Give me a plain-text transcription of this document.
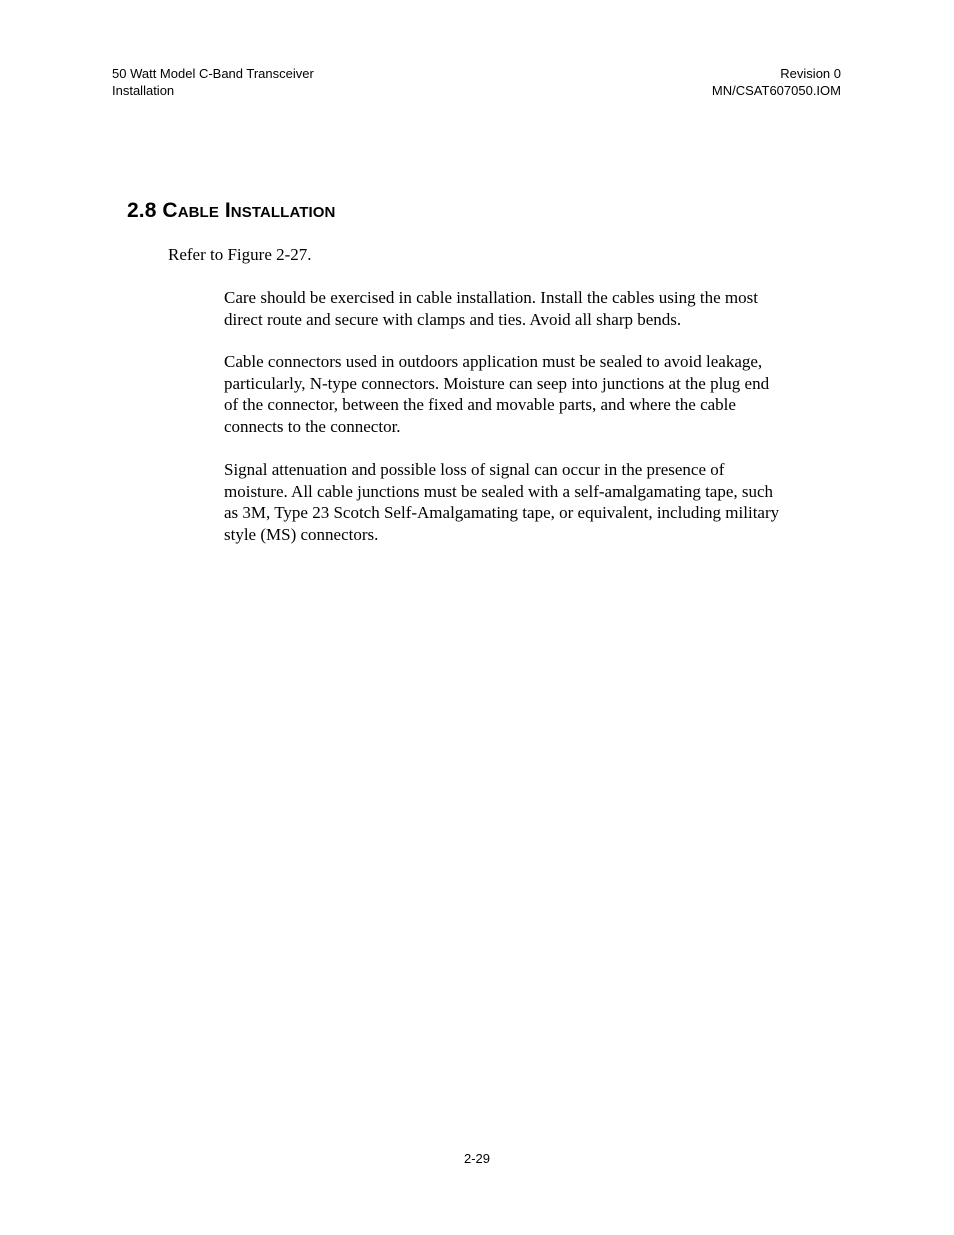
50 Watt Model C-Band Transceiver
Installation
Revision 0
MN/CSAT607050.IOM
2.8 Cable Installation

Refer to Figure 2-27.

Care should be exercised in cable installation. Install the cables using the most
direct route and secure with clamps and ties. Avoid all sharp bends.

Cable connectors used in outdoors application must be sealed to avoid leakage,
particularly, N-type connectors. Moisture can seep into junctions at the plug end
of the connector, between the fixed and movable parts, and where the cable
connects to the connector.

Signal attenuation and possible loss of signal can occur in the presence of
moisture. All cable junctions must be sealed with a self-amalgamating tape, such
as 3M, Type 23 Scotch Self-Amalgamating tape, or equivalent, including military
style (MS) connectors.

2-29
